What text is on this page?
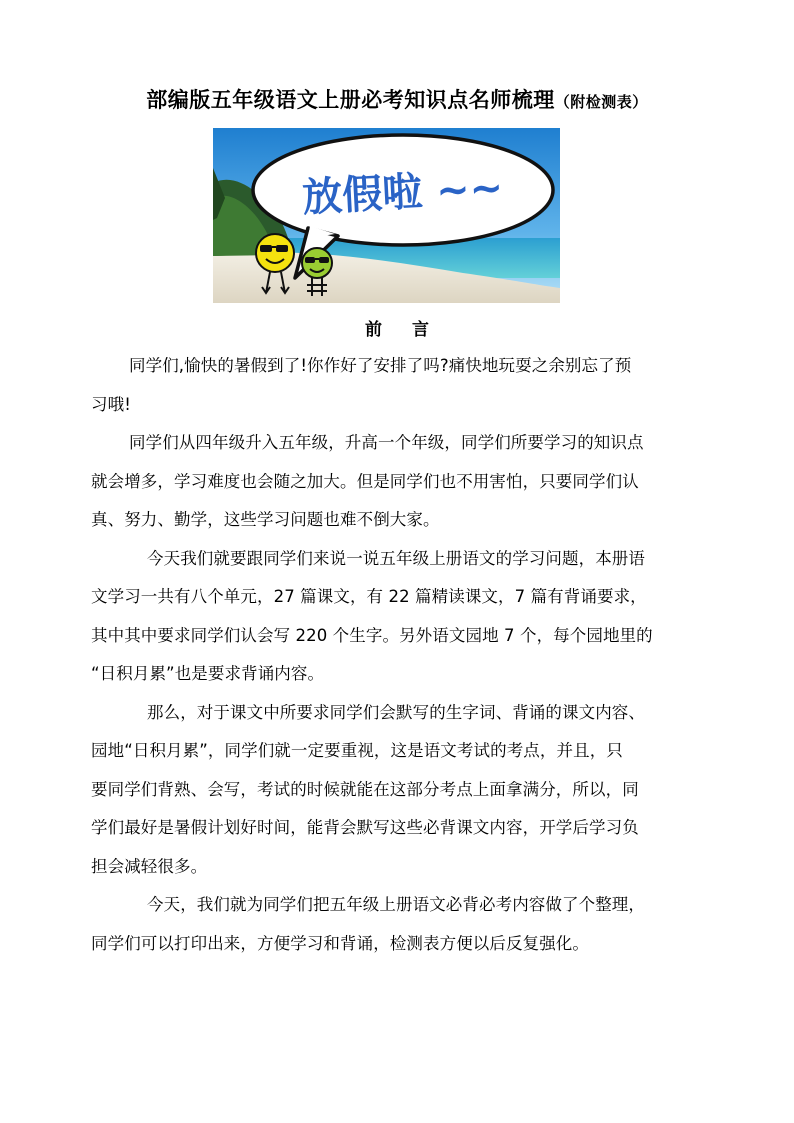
部编版五年级语文上册必考知识点名师梳理（附检测表）
放假啦 ~~
前 言
同学们,愉快的暑假到了!你作好了安排了吗?痛快地玩耍之余别忘了预
习哦!
同学们从四年级升入五年级，升高一个年级，同学们所要学习的知识点
就会增多，学习难度也会随之加大。但是同学们也不用害怕，只要同学们认
真、努力、勤学，这些学习问题也难不倒大家。
今天我们就要跟同学们来说一说五年级上册语文的学习问题，本册语
文学习一共有八个单元，27 篇课文，有 22 篇精读课文，7 篇有背诵要求，
其中其中要求同学们认会写 220 个生字。另外语文园地 7 个，每个园地里的
“日积月累”也是要求背诵内容。
那么，对于课文中所要求同学们会默写的生字词、背诵的课文内容、
园地“日积月累”，同学们就一定要重视，这是语文考试的考点，并且，只
要同学们背熟、会写，考试的时候就能在这部分考点上面拿满分，所以，同
学们最好是暑假计划好时间，能背会默写这些必背课文内容，开学后学习负
担会减轻很多。
今天，我们就为同学们把五年级上册语文必背必考内容做了个整理，
同学们可以打印出来，方便学习和背诵，检测表方便以后反复强化。
